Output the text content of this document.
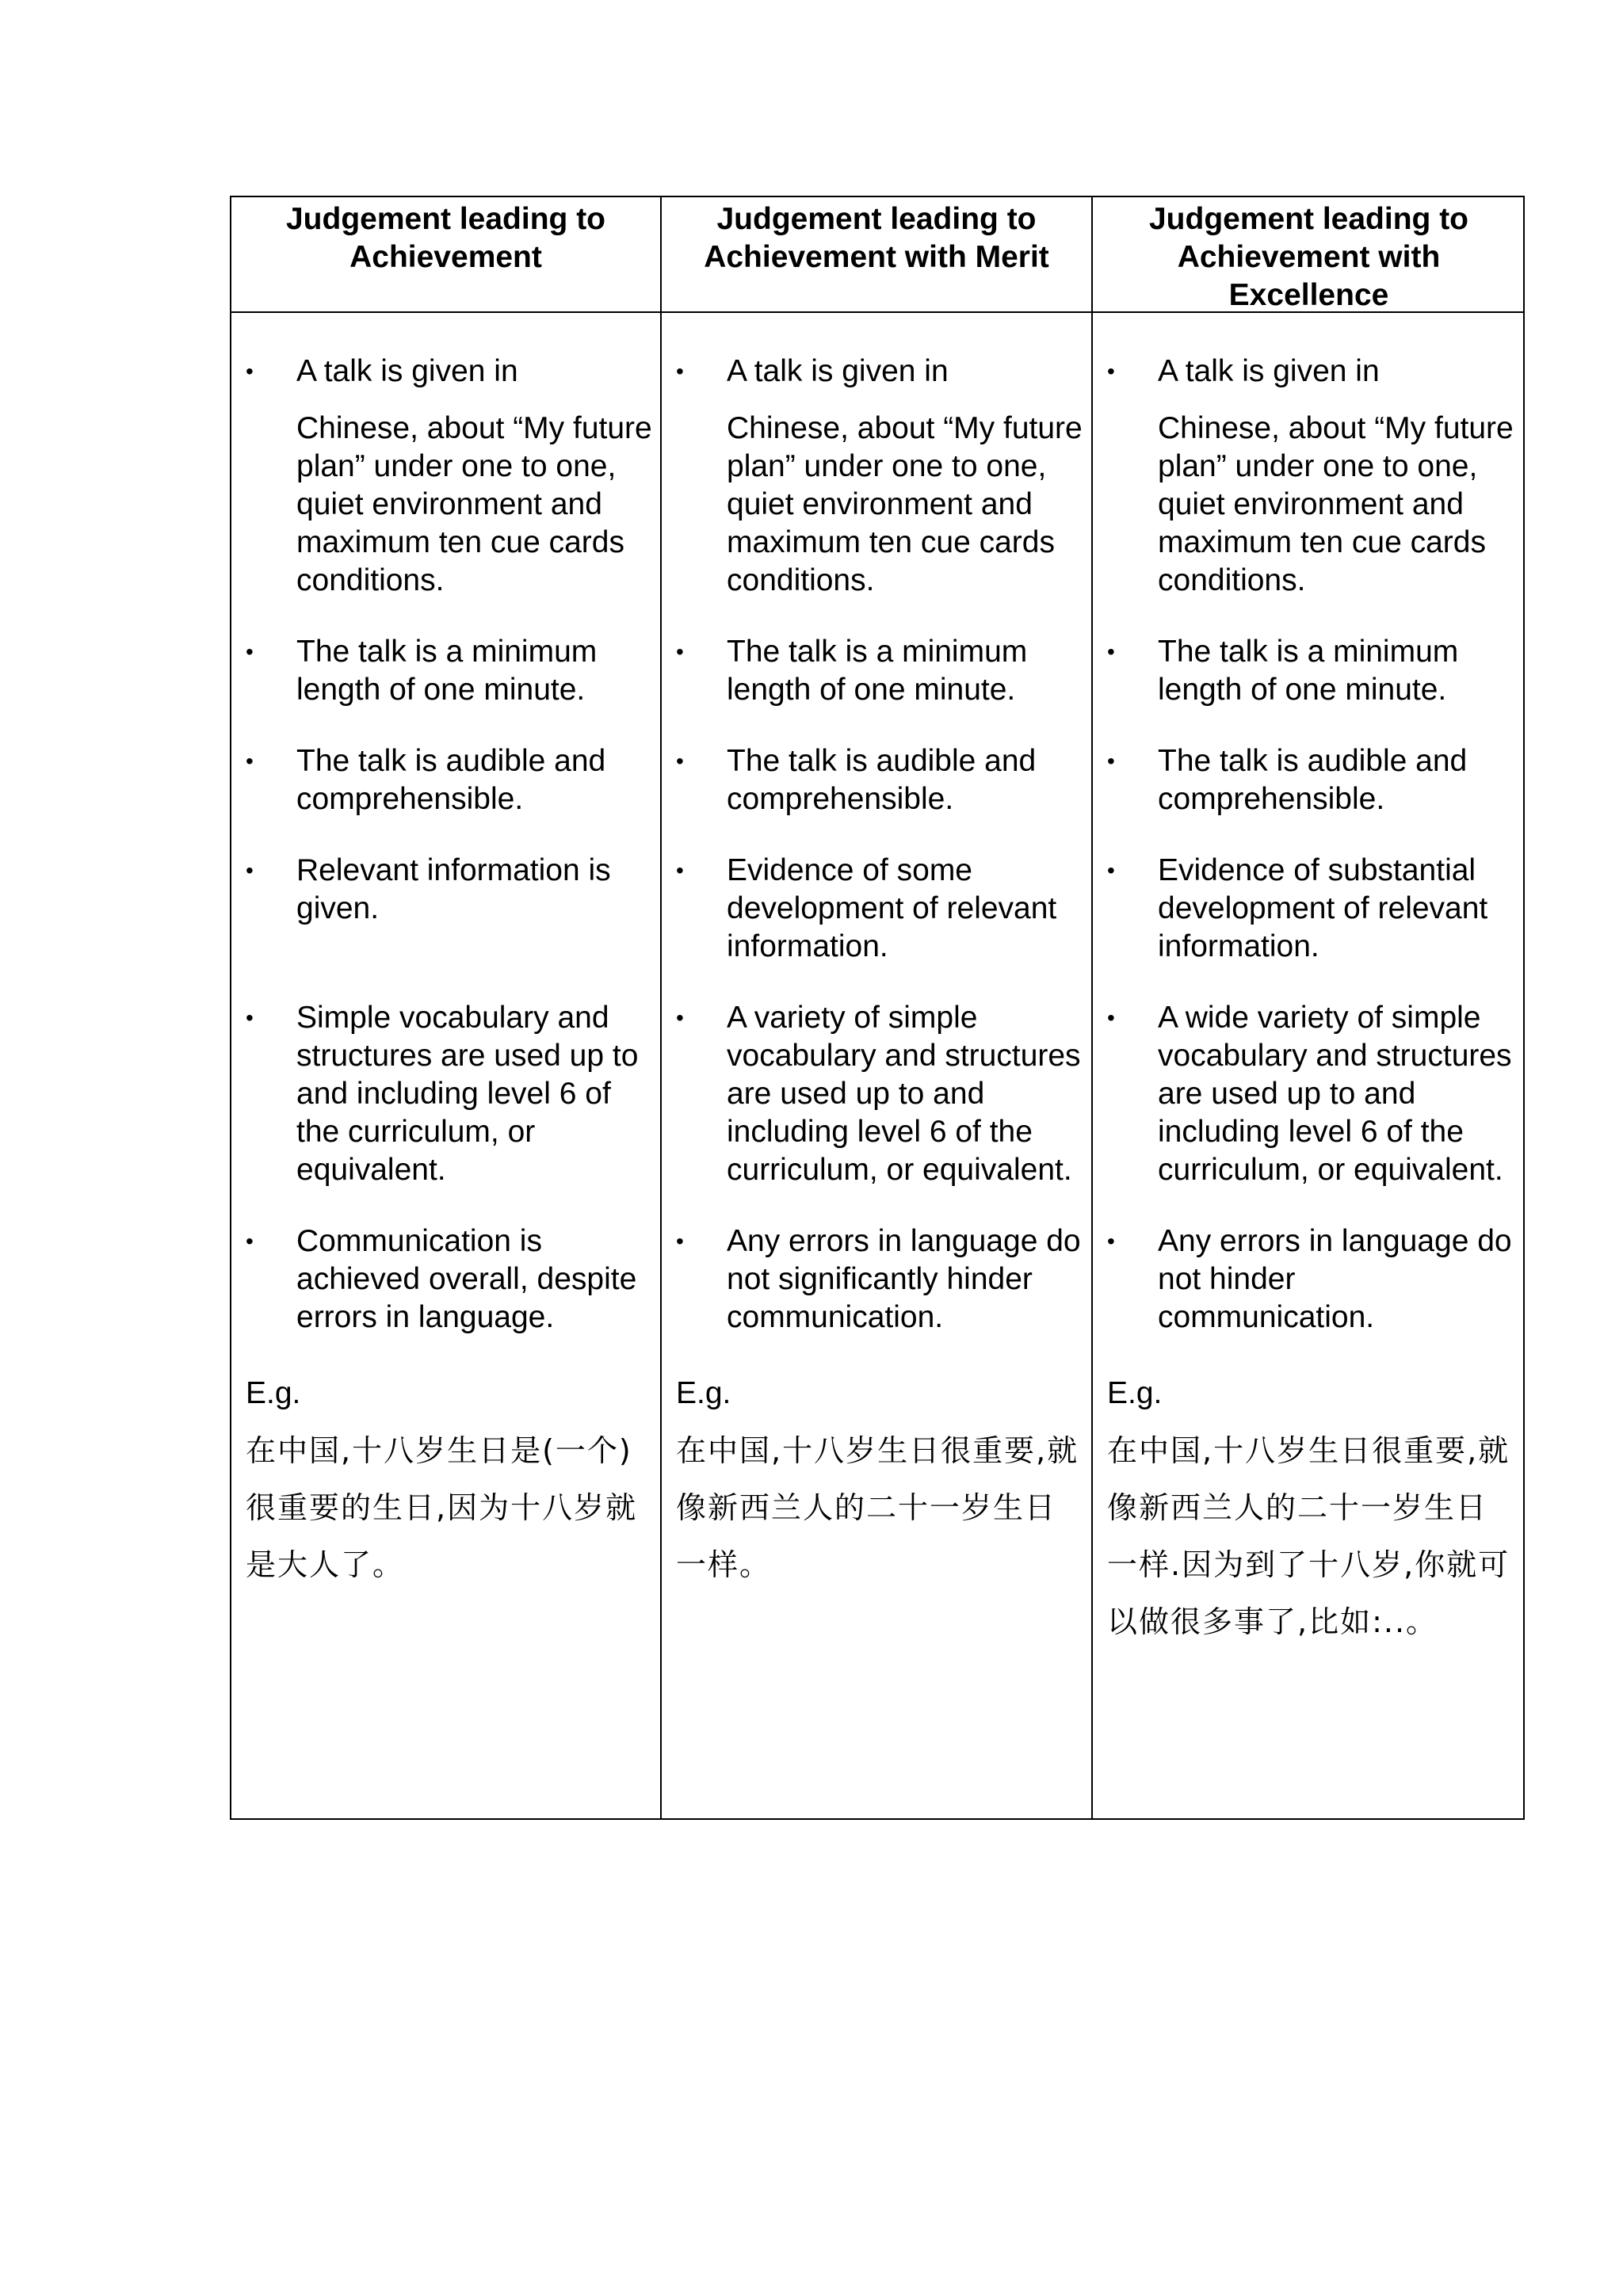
Judgement leading to Achievement
Judgement leading to Achievement with Merit
Judgement leading to Achievement with Excellence
• A talk is given in
Chinese, about “My future plan” under one to one, quiet environment and maximum ten cue cards conditions.
• The talk is a minimum length of one minute.
• The talk is audible and comprehensible.
• Relevant information is given.
• Simple vocabulary and structures are used up to and including level 6 of the curriculum, or equivalent.
• Communication is achieved overall, despite errors in language.
E.g.
在中国,十八岁生日是(一个)很重要的生日,因为十八岁就是大人了。
• A talk is given in
Chinese, about “My future plan” under one to one, quiet environment and maximum ten cue cards conditions.
• The talk is a minimum length of one minute.
• The talk is audible and comprehensible.
• Evidence of some development of relevant information.
• A variety of simple vocabulary and structures are used up to and including level 6 of the curriculum, or equivalent.
• Any errors in language do not significantly hinder communication.
E.g.
在中国,十八岁生日很重要,就像新西兰人的二十一岁生日一样。
• A talk is given in
Chinese, about “My future plan” under one to one, quiet environment and maximum ten cue cards conditions.
• The talk is a minimum length of one minute.
• The talk is audible and comprehensible.
• Evidence of substantial development of relevant information.
• A wide variety of simple vocabulary and structures are used up to and including level 6 of the curriculum, or equivalent.
• Any errors in language do not hinder communication.
E.g.
在中国,十八岁生日很重要,就像新西兰人的二十一岁生日一样.因为到了十八岁,你就可以做很多事了,比如:..。
